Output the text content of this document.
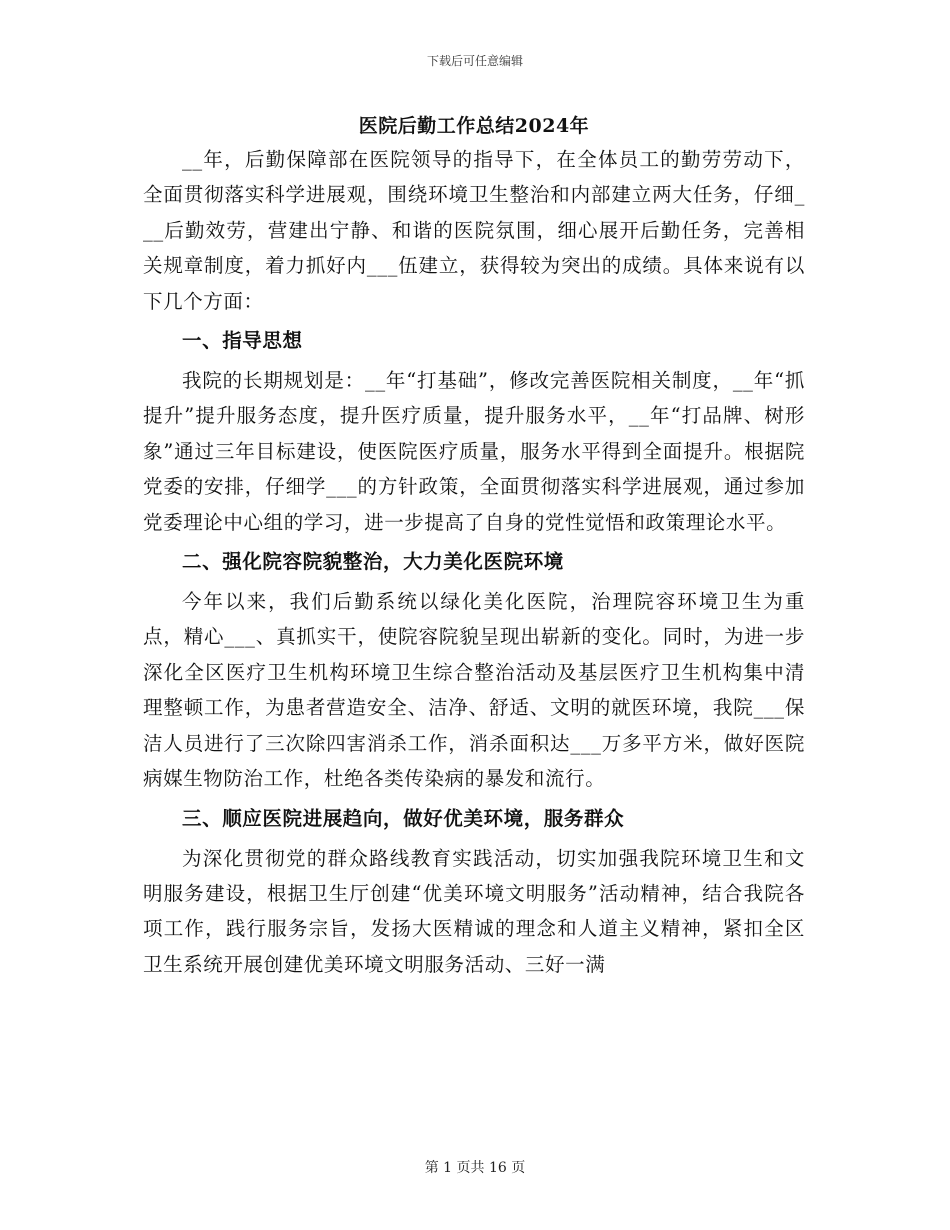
下载后可任意编辑
医院后勤工作总结2024年

__年，后勤保障部在医院领导的指导下，在全体员工的勤劳劳动下，全面贯彻落实科学进展观，围绕环境卫生整治和内部建立两大任务，仔细___后勤效劳，营建出宁静、和谐的医院氛围，细心展开后勤任务，完善相关规章制度，着力抓好内___伍建立，获得较为突出的成绩。具体来说有以下几个方面：

一、指导思想

我院的长期规划是：__年“打基础”，修改完善医院相关制度，__年“抓提升”提升服务态度，提升医疗质量，提升服务水平，__年“打品牌、树形象”通过三年目标建设，使医院医疗质量，服务水平得到全面提升。根据院党委的安排，仔细学___的方针政策，全面贯彻落实科学进展观，通过参加党委理论中心组的学习，进一步提高了自身的党性觉悟和政策理论水平。

二、强化院容院貌整治，大力美化医院环境

今年以来，我们后勤系统以绿化美化医院，治理院容环境卫生为重点，精心___、真抓实干，使院容院貌呈现出崭新的变化。同时，为进一步深化全区医疗卫生机构环境卫生综合整治活动及基层医疗卫生机构集中清理整顿工作，为患者营造安全、洁净、舒适、文明的就医环境，我院___保洁人员进行了三次除四害消杀工作，消杀面积达___万多平方米，做好医院病媒生物防治工作，杜绝各类传染病的暴发和流行。

三、顺应医院进展趋向，做好优美环境，服务群众

为深化贯彻党的群众路线教育实践活动，切实加强我院环境卫生和文明服务建设，根据卫生厅创建“优美环境文明服务”活动精神，结合我院各项工作，践行服务宗旨，发扬大医精诚的理念和人道主义精神，紧扣全区卫生系统开展创建优美环境文明服务活动、三好一满

第 1 页共 16 页
